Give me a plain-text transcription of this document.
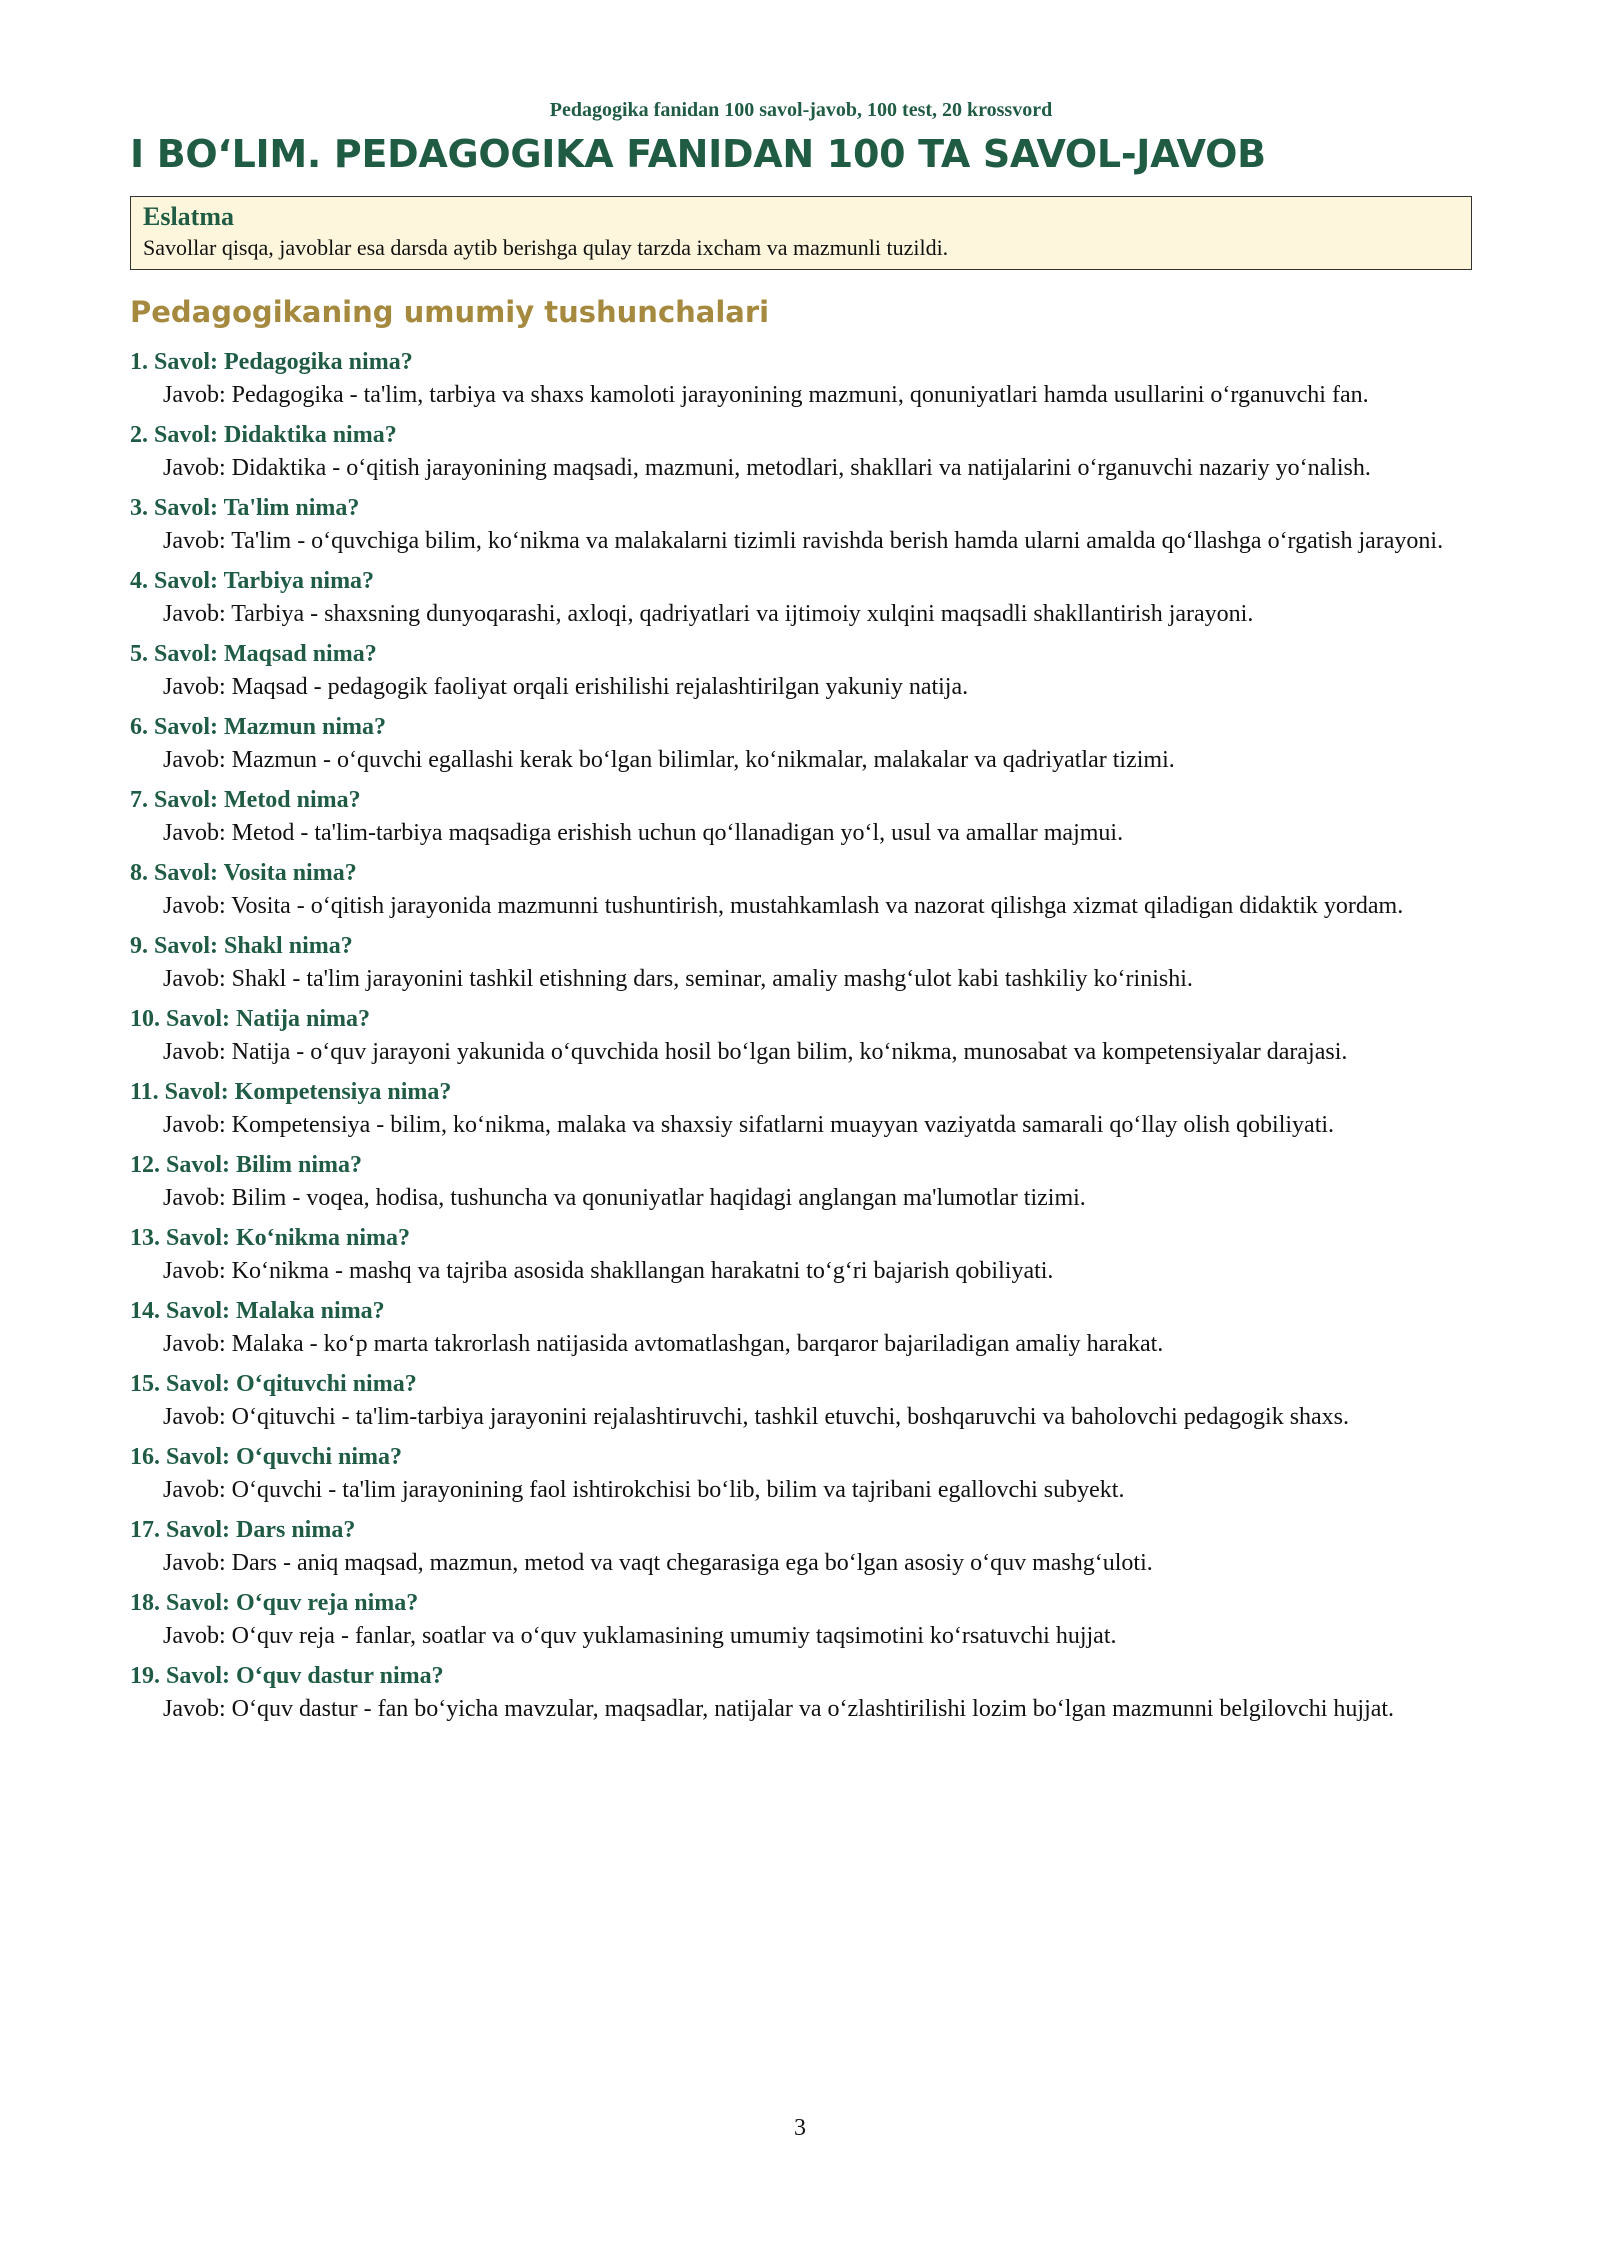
Pedagogika fanidan 100 savol-javob, 100 test, 20 krossvord
I BO‘LIM. PEDAGOGIKA FANIDAN 100 TA SAVOL-JAVOB
Eslatma
Savollar qisqa, javoblar esa darsda aytib berishga qulay tarzda ixcham va mazmunli tuzildi.
Pedagogikaning umumiy tushunchalari
1. Savol: Pedagogika nima?
Javob: Pedagogika - ta'lim, tarbiya va shaxs kamoloti jarayonining mazmuni, qonuniyatlari hamda usullarini o‘rganuvchi fan.
2. Savol: Didaktika nima?
Javob: Didaktika - o‘qitish jarayonining maqsadi, mazmuni, metodlari, shakllari va natijalarini o‘rganuvchi nazariy yo‘nalish.
3. Savol: Ta'lim nima?
Javob: Ta'lim - o‘quvchiga bilim, ko‘nikma va malakalarni tizimli ravishda berish hamda ularni amalda qo‘llashga o‘rgatish jarayoni.
4. Savol: Tarbiya nima?
Javob: Tarbiya - shaxsning dunyoqarashi, axloqi, qadriyatlari va ijtimoiy xulqini maqsadli shakllantirish jarayoni.
5. Savol: Maqsad nima?
Javob: Maqsad - pedagogik faoliyat orqali erishilishi rejalashtirilgan yakuniy natija.
6. Savol: Mazmun nima?
Javob: Mazmun - o‘quvchi egallashi kerak bo‘lgan bilimlar, ko‘nikmalar, malakalar va qadriyatlar tizimi.
7. Savol: Metod nima?
Javob: Metod - ta'lim-tarbiya maqsadiga erishish uchun qo‘llanadigan yo‘l, usul va amallar majmui.
8. Savol: Vosita nima?
Javob: Vosita - o‘qitish jarayonida mazmunni tushuntirish, mustahkamlash va nazorat qilishga xizmat qiladigan didaktik yordam.
9. Savol: Shakl nima?
Javob: Shakl - ta'lim jarayonini tashkil etishning dars, seminar, amaliy mashg‘ulot kabi tashkiliy ko‘rinishi.
10. Savol: Natija nima?
Javob: Natija - o‘quv jarayoni yakunida o‘quvchida hosil bo‘lgan bilim, ko‘nikma, munosabat va kompetensiyalar darajasi.
11. Savol: Kompetensiya nima?
Javob: Kompetensiya - bilim, ko‘nikma, malaka va shaxsiy sifatlarni muayyan vaziyatda samarali qo‘llay olish qobiliyati.
12. Savol: Bilim nima?
Javob: Bilim - voqea, hodisa, tushuncha va qonuniyatlar haqidagi anglangan ma'lumotlar tizimi.
13. Savol: Ko‘nikma nima?
Javob: Ko‘nikma - mashq va tajriba asosida shakllangan harakatni to‘g‘ri bajarish qobiliyati.
14. Savol: Malaka nima?
Javob: Malaka - ko‘p marta takrorlash natijasida avtomatlashgan, barqaror bajariladigan amaliy harakat.
15. Savol: O‘qituvchi nima?
Javob: O‘qituvchi - ta'lim-tarbiya jarayonini rejalashtiruvchi, tashkil etuvchi, boshqaruvchi va baholovchi pedagogik shaxs.
16. Savol: O‘quvchi nima?
Javob: O‘quvchi - ta'lim jarayonining faol ishtirokchisi bo‘lib, bilim va tajribani egallovchi subyekt.
17. Savol: Dars nima?
Javob: Dars - aniq maqsad, mazmun, metod va vaqt chegarasiga ega bo‘lgan asosiy o‘quv mashg‘uloti.
18. Savol: O‘quv reja nima?
Javob: O‘quv reja - fanlar, soatlar va o‘quv yuklamasining umumiy taqsimotini ko‘rsatuvchi hujjat.
19. Savol: O‘quv dastur nima?
Javob: O‘quv dastur - fan bo‘yicha mavzular, maqsadlar, natijalar va o‘zlashtirilishi lozim bo‘lgan mazmunni belgilovchi hujjat.
3
